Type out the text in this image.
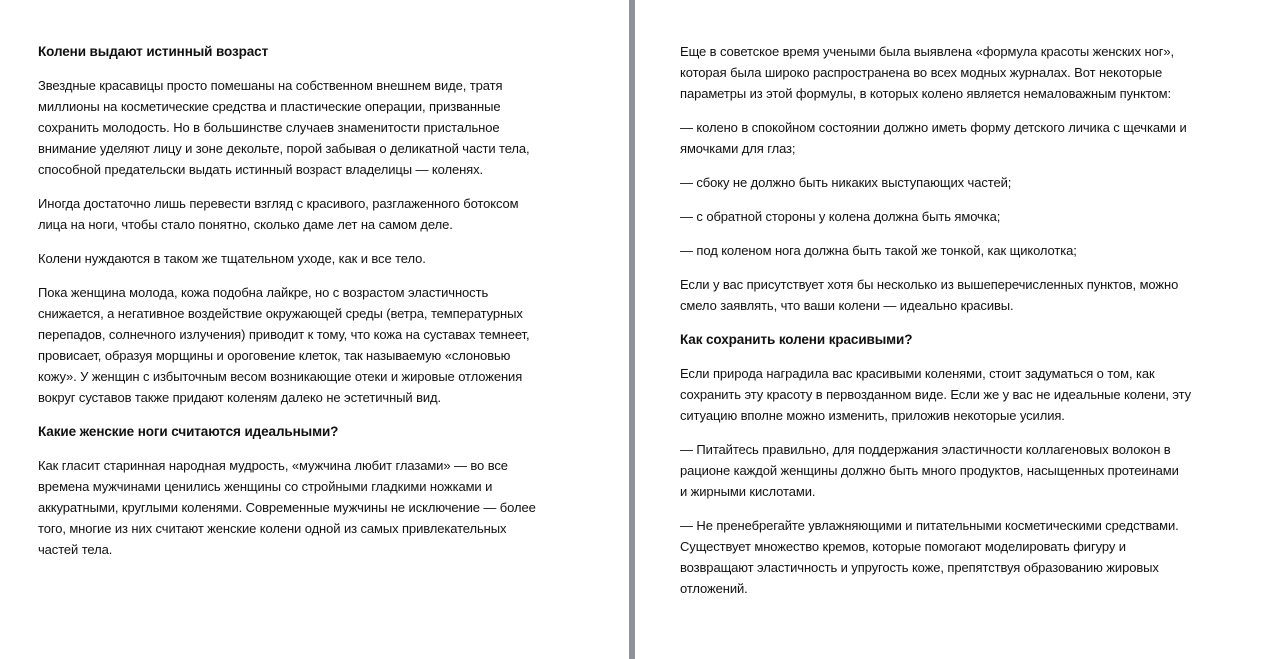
Колени выдают истинный возраст
Звездные красавицы просто помешаны на собственном внешнем виде, тратя
миллионы на косметические средства и пластические операции, призванные
сохранить молодость. Но в большинстве случаев знаменитости пристальное
внимание уделяют лицу и зоне декольте, порой забывая о деликатной части тела,
способной предательски выдать истинный возраст владелицы — коленях.
Иногда достаточно лишь перевести взгляд с красивого, разглаженного ботоксом
лица на ноги, чтобы стало понятно, сколько даме лет на самом деле.
Колени нуждаются в таком же тщательном уходе, как и все тело.
Пока женщина молода, кожа подобна лайкре, но с возрастом эластичность
снижается, а негативное воздействие окружающей среды (ветра, температурных
перепадов, солнечного излучения) приводит к тому, что кожа на суставах темнеет,
провисает, образуя морщины и ороговение клеток, так называемую «слоновью
кожу». У женщин с избыточным весом возникающие отеки и жировые отложения
вокруг суставов также придают коленям далеко не эстетичный вид.
Какие женские ноги считаются идеальными?
Как гласит старинная народная мудрость, «мужчина любит глазами» — во все
времена мужчинами ценились женщины со стройными гладкими ножками и
аккуратными, круглыми коленями. Современные мужчины не исключение — более
того, многие из них считают женские колени одной из самых привлекательных
частей тела.
Еще в советское время учеными была выявлена «формула красоты женских ног»,
которая была широко распространена во всех модных журналах. Вот некоторые
параметры из этой формулы, в которых колено является немаловажным пунктом:
— колено в спокойном состоянии должно иметь форму детского личика с щечками и
ямочками для глаз;
— сбоку не должно быть никаких выступающих частей;
— с обратной стороны у колена должна быть ямочка;
— под коленом нога должна быть такой же тонкой, как щиколотка;
Если у вас присутствует хотя бы несколько из вышеперечисленных пунктов, можно
смело заявлять, что ваши колени — идеально красивы.
Как сохранить колени красивыми?
Если природа наградила вас красивыми коленями, стоит задуматься о том, как
сохранить эту красоту в первозданном виде. Если же у вас не идеальные колени, эту
ситуацию вполне можно изменить, приложив некоторые усилия.
— Питайтесь правильно, для поддержания эластичности коллагеновых волокон в
рационе каждой женщины должно быть много продуктов, насыщенных протеинами
и жирными кислотами.
— Не пренебрегайте увлажняющими и питательными косметическими средствами.
Существует множество кремов, которые помогают моделировать фигуру и
возвращают эластичность и упругость коже, препятствуя образованию жировых
отложений.
